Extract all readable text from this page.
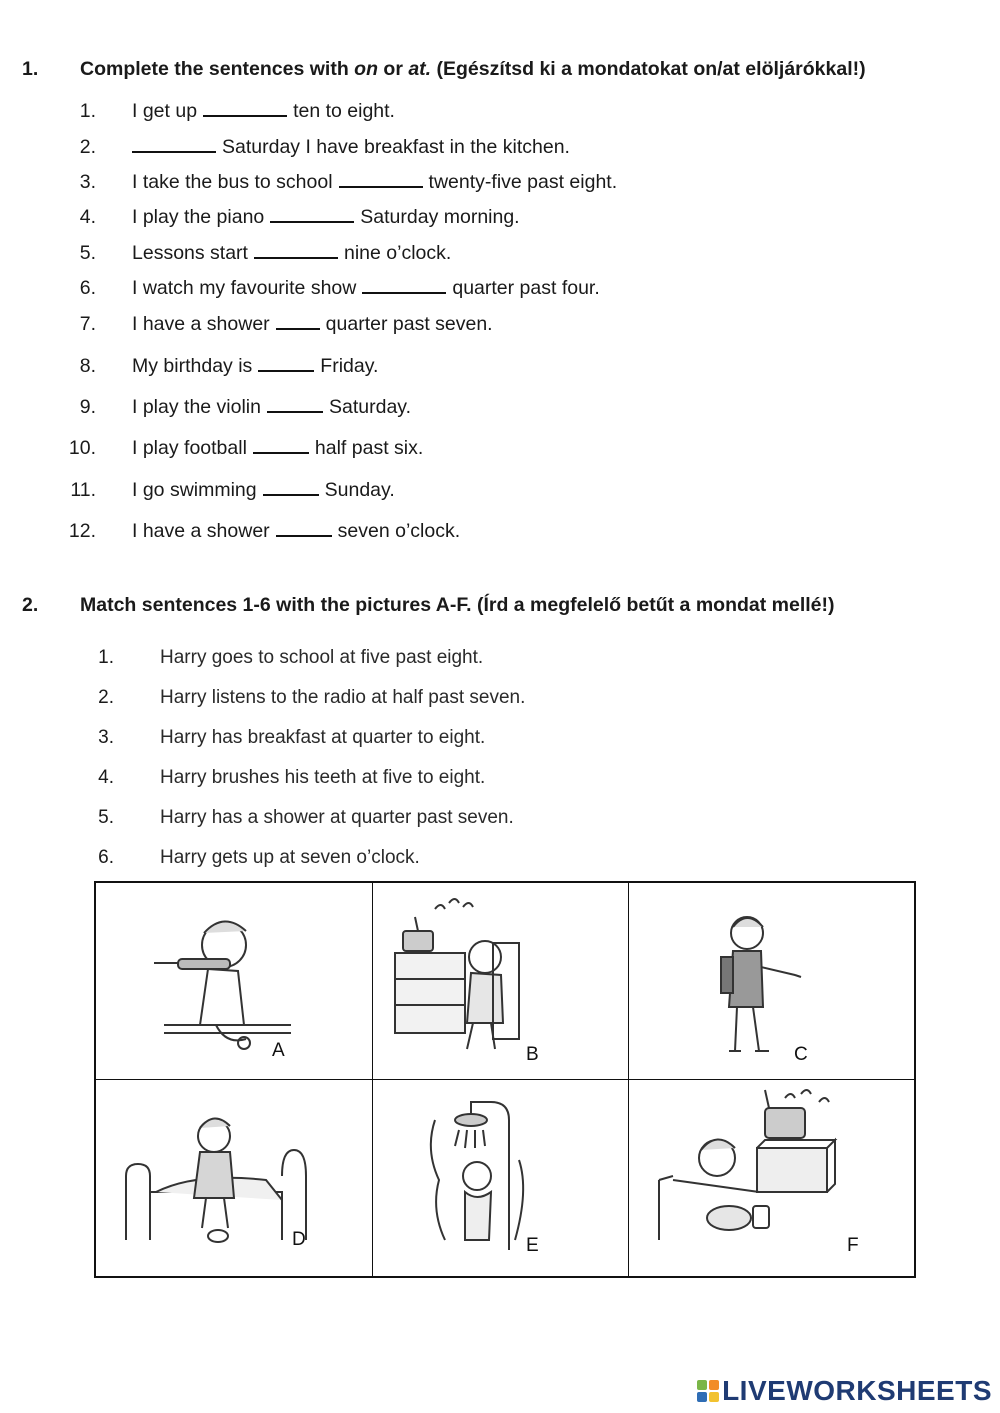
1. Complete the sentences with on or at. (Egészítsd ki a mondatokat on/at elöljárókkal!)
1. I get up	ten to eight.
2.	Saturday I have breakfast in the kitchen.
3. I take the bus to school	twenty-five past eight.
4. I play the piano	Saturday morning.
5. Lessons start	nine o’clock.
6. I watch my favourite show	quarter past four.
7. I have a shower	quarter past seven.
8. My birthday is	Friday.
9. I play the violin	Saturday.
10. I play football	half past six.
11. I go swimming	Sunday.
12. I have a shower	seven o’clock.
2. Match sentences 1-6 with the pictures A-F. (Írd a megfelelő betűt a mondat mellé!)
1. Harry goes to school at five past eight.
2. Harry listens to the radio at half past seven.
3. Harry has breakfast at quarter to eight.
4. Harry brushes his teeth at five to eight.
5. Harry has a shower at quarter past seven.
6. Harry gets up at seven o’clock.
A	B	C
D	E	F
LIVEWORKSHEETS
